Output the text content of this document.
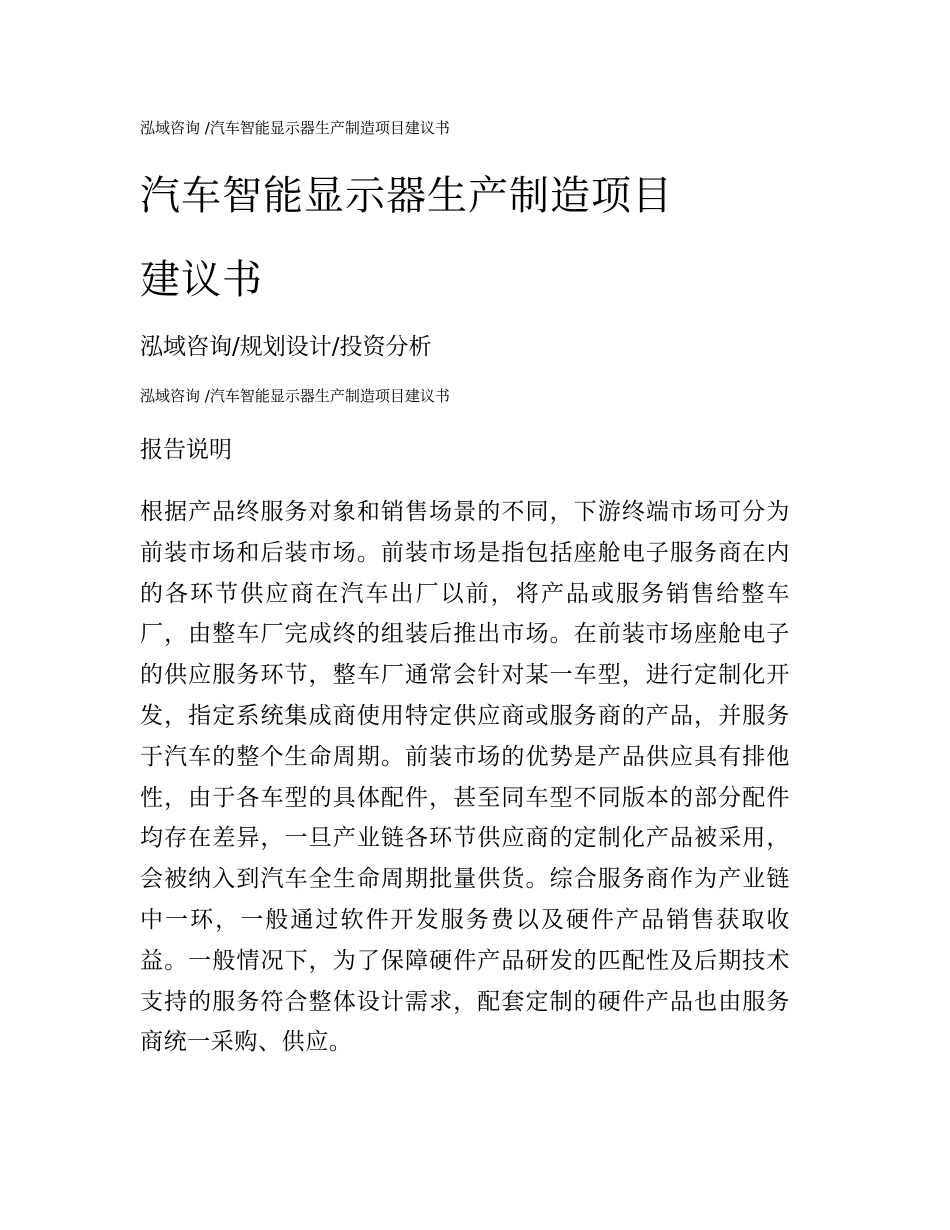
泓域咨询 /汽车智能显示器生产制造项目建议书
汽车智能显示器生产制造项目
建议书
泓域咨询/规划设计/投资分析
泓域咨询 /汽车智能显示器生产制造项目建议书
报告说明

根据产品终服务对象和销售场景的不同，下游终端市场可分为前装市场和后装市场。前装市场是指包括座舱电子服务商在内的各环节供应商在汽车出厂以前，将产品或服务销售给整车厂，由整车厂完成终的组装后推出市场。在前装市场座舱电子的供应服务环节，整车厂通常会针对某一车型，进行定制化开发，指定系统集成商使用特定供应商或服务商的产品，并服务于汽车的整个生命周期。前装市场的优势是产品供应具有排他性，由于各车型的具体配件，甚至同车型不同版本的部分配件均存在差异，一旦产业链各环节供应商的定制化产品被采用，会被纳入到汽车全生命周期批量供货。综合服务商作为产业链中一环，一般通过软件开发服务费以及硬件产品销售获取收益。一般情况下，为了保障硬件产品研发的匹配性及后期技术支持的服务符合整体设计需求，配套定制的硬件产品也由服务商统一采购、供应。
